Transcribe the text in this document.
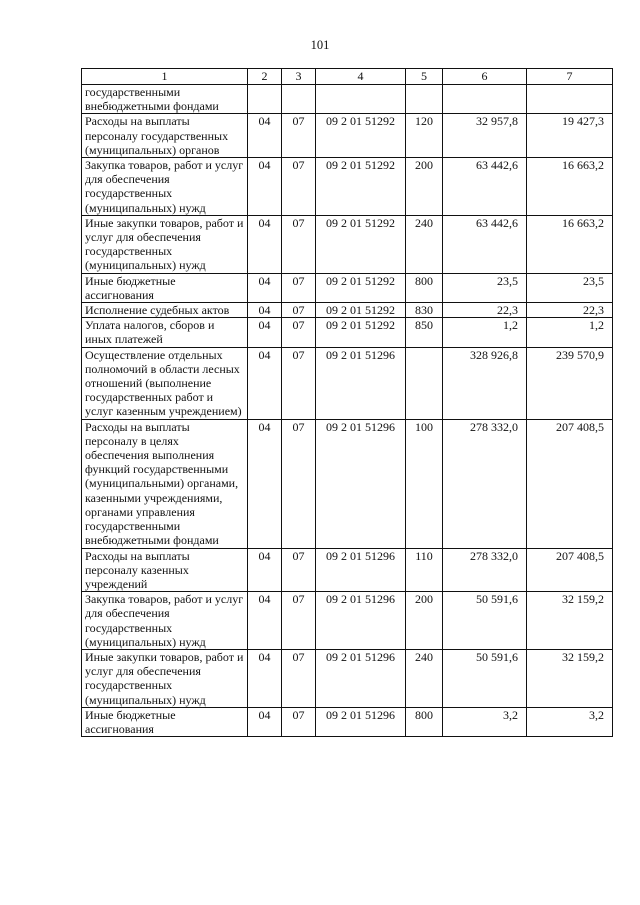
101
1	2	3	4	5	6	7
государственными внебюджетными фондами						
Расходы на выплаты персоналу государственных (муниципальных) органов	04	07	09 2 01 51292	120	32 957,8	19 427,3
Закупка товаров, работ и услуг для обеспечения государственных (муниципальных) нужд	04	07	09 2 01 51292	200	63 442,6	16 663,2
Иные закупки товаров, работ и услуг для обеспечения государственных (муниципальных) нужд	04	07	09 2 01 51292	240	63 442,6	16 663,2
Иные бюджетные ассигнования	04	07	09 2 01 51292	800	23,5	23,5
Исполнение судебных актов	04	07	09 2 01 51292	830	22,3	22,3
Уплата налогов, сборов и иных платежей	04	07	09 2 01 51292	850	1,2	1,2
Осуществление отдельных полномочий в области лесных отношений (выполнение государственных работ и услуг казенным учреждением)	04	07	09 2 01 51296		328 926,8	239 570,9
Расходы на выплаты персоналу в целях обеспечения выполнения функций государственными (муниципальными) органами, казенными учреждениями, органами управления государственными внебюджетными фондами	04	07	09 2 01 51296	100	278 332,0	207 408,5
Расходы на выплаты персоналу казенных учреждений	04	07	09 2 01 51296	110	278 332,0	207 408,5
Закупка товаров, работ и услуг для обеспечения государственных (муниципальных) нужд	04	07	09 2 01 51296	200	50 591,6	32 159,2
Иные закупки товаров, работ и услуг для обеспечения государственных (муниципальных) нужд	04	07	09 2 01 51296	240	50 591,6	32 159,2
Иные бюджетные ассигнования	04	07	09 2 01 51296	800	3,2	3,2
